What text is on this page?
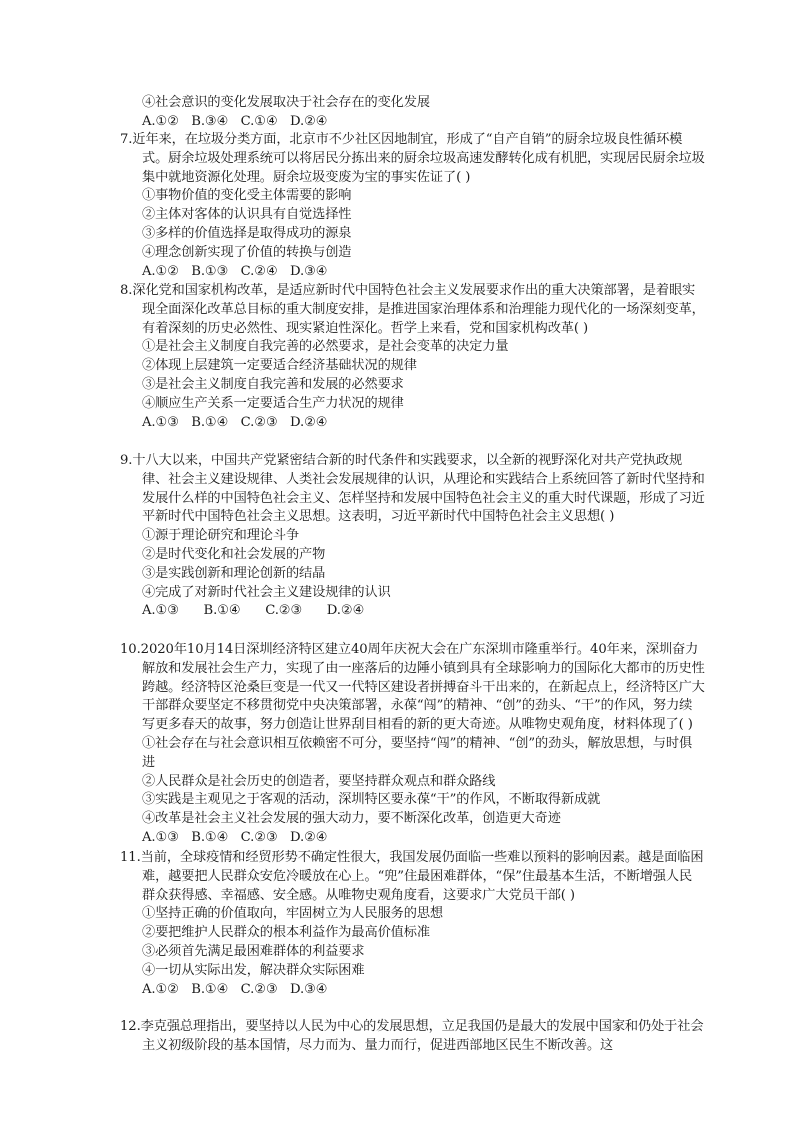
④社会意识的变化发展取决于社会存在的变化发展

A.①②   B.③④   C.①④   D.②④

7.近年来，在垃圾分类方面，北京市不少社区因地制宜，形成了“自产自销”的厨余垃圾良性循环模式。厨余垃圾处理系统可以将居民分拣出来的厨余垃圾高速发酵转化成有机肥，实现居民厨余垃圾集中就地资源化处理。厨余垃圾变废为宝的事实佐证了( )

①事物价值的变化受主体需要的影响

②主体对客体的认识具有自觉选择性

③多样的价值选择是取得成功的源泉

④理念创新实现了价值的转换与创造

A.①②   B.①③   C.②④   D.③④

8.深化党和国家机构改革，是适应新时代中国特色社会主义发展要求作出的重大决策部署，是着眼实现全面深化改革总目标的重大制度安排，是推进国家治理体系和治理能力现代化的一场深刻变革，有着深刻的历史必然性、现实紧迫性深化。哲学上来看，党和国家机构改革( )

①是社会主义制度自我完善的必然要求，是社会变革的决定力量

②体现上层建筑一定要适合经济基础状况的规律

③是社会主义制度自我完善和发展的必然要求

④顺应生产关系一定要适合生产力状况的规律

A.①③   B.①④   C.②③   D.②④

9.十八大以来，中国共产党紧密结合新的时代条件和实践要求，以全新的视野深化对共产党执政规律、社会主义建设规律、人类社会发展规律的认识，从理论和实践结合上系统回答了新时代坚持和发展什么样的中国特色社会主义、怎样坚持和发展中国特色社会主义的重大时代课题，形成了习近平新时代中国特色社会主义思想。这表明，习近平新时代中国特色社会主义思想( )

①源于理论研究和理论斗争

②是时代变化和社会发展的产物

③是实践创新和理论创新的结晶

④完成了对新时代社会主义建设规律的认识

A.①③      B.①④      C.②③      D.②④

10.2020年10月14日深圳经济特区建立40周年庆祝大会在广东深圳市隆重举行。40年来，深圳奋力解放和发展社会生产力，实现了由一座落后的边陲小镇到具有全球影响力的国际化大都市的历史性跨越。经济特区沧桑巨变是一代又一代特区建设者拼搏奋斗干出来的，在新起点上，经济特区广大干部群众要坚定不移贯彻党中央决策部署，永葆“闯”的精神、“创”的劲头、“干”的作风，努力续写更多春天的故事，努力创造让世界刮目相看的新的更大奇迹。从唯物史观角度，材料体现了( )

①社会存在与社会意识相互依赖密不可分，要坚持“闯”的精神、“创”的劲头，解放思想，与时俱进

②人民群众是社会历史的创造者，要坚持群众观点和群众路线

③实践是主观见之于客观的活动，深圳特区要永葆“干”的作风，不断取得新成就

④改革是社会主义社会发展的强大动力，要不断深化改革，创造更大奇迹

A.①③   B.①④   C.②③   D.②④

11.当前，全球疫情和经贸形势不确定性很大，我国发展仍面临一些难以预料的影响因素。越是面临困难，越要把人民群众安危冷暖放在心上。“兜”住最困难群体，“保”住最基本生活，不断增强人民群众获得感、幸福感、安全感。从唯物史观角度看，这要求广大党员干部( )

①坚持正确的价值取向，牢固树立为人民服务的思想

②要把维护人民群众的根本利益作为最高价值标准

③必须首先满足最困难群体的利益要求

④一切从实际出发，解决群众实际困难

A.①②   B.①④   C.②③   D.③④

12.李克强总理指出，要坚持以人民为中心的发展思想，立足我国仍是最大的发展中国家和仍处于社会主义初级阶段的基本国情，尽力而为、量力而行，促进西部地区民生不断改善。这
